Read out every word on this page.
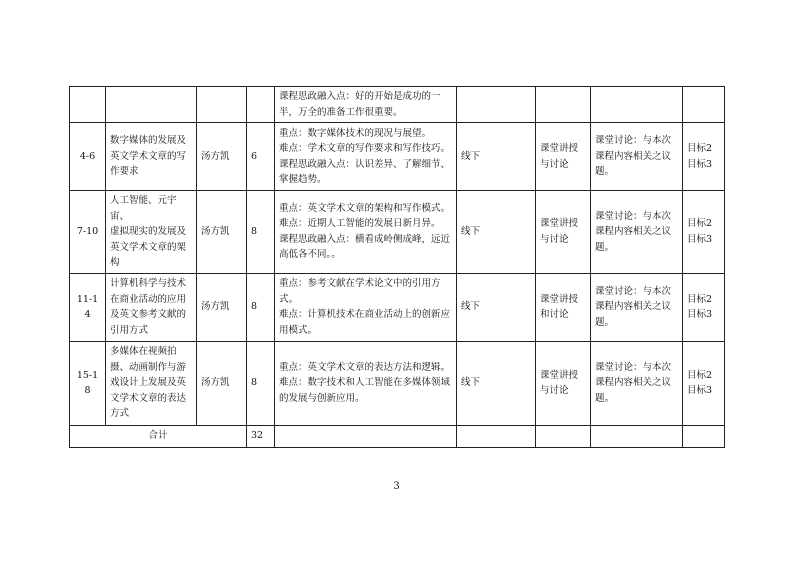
				课程思政融入点：好的开始是成功的一半，万全的准备工作很重要。				

4-6	数字媒体的发展及
英文学术文章的写
作要求	汤方凯	6	重点：数字媒体技术的现况与展望。
难点：学术文章的写作要求和写作技巧。
课程思政融入点：认识差异、了解细节、掌握趋势。	线下	课堂讲授与讨论	课堂讨论：与本次课程内容相关之议题。	目标2
目标3

7-10	人工智能、元宇宙、
虚拟现实的发展及
英文学术文章的架
构	汤方凯	8	重点：英文学术文章的架构和写作模式。
难点：近期人工智能的发展日新月异。
课程思政融入点：横看成岭侧成峰，远近高低各不同。。	线下	课堂讲授与讨论	课堂讨论：与本次课程内容相关之议题。	目标2
目标3

11-14	计算机科学与技术
在商业活动的应用
及英文参考文献的
引用方式	汤方凯	8	重点：参考文献在学术论文中的引用方式。
难点：计算机技术在商业活动上的创新应用模式。	线下	课堂讲授和讨论	课堂讨论：与本次课程内容相关之议题。	目标2
目标3

15-18	多媒体在视频拍
摄、动画制作与游
戏设计上发展及英
文学术文章的表达
方式	汤方凯	8	重点：英文学术文章的表达方法和逻辑。
难点：数字技术和人工智能在多媒体领域的发展与创新应用。	线下	课堂讲授与讨论	课堂讨论：与本次课程内容相关之议题。	目标2
目标3

合计			32					
3
